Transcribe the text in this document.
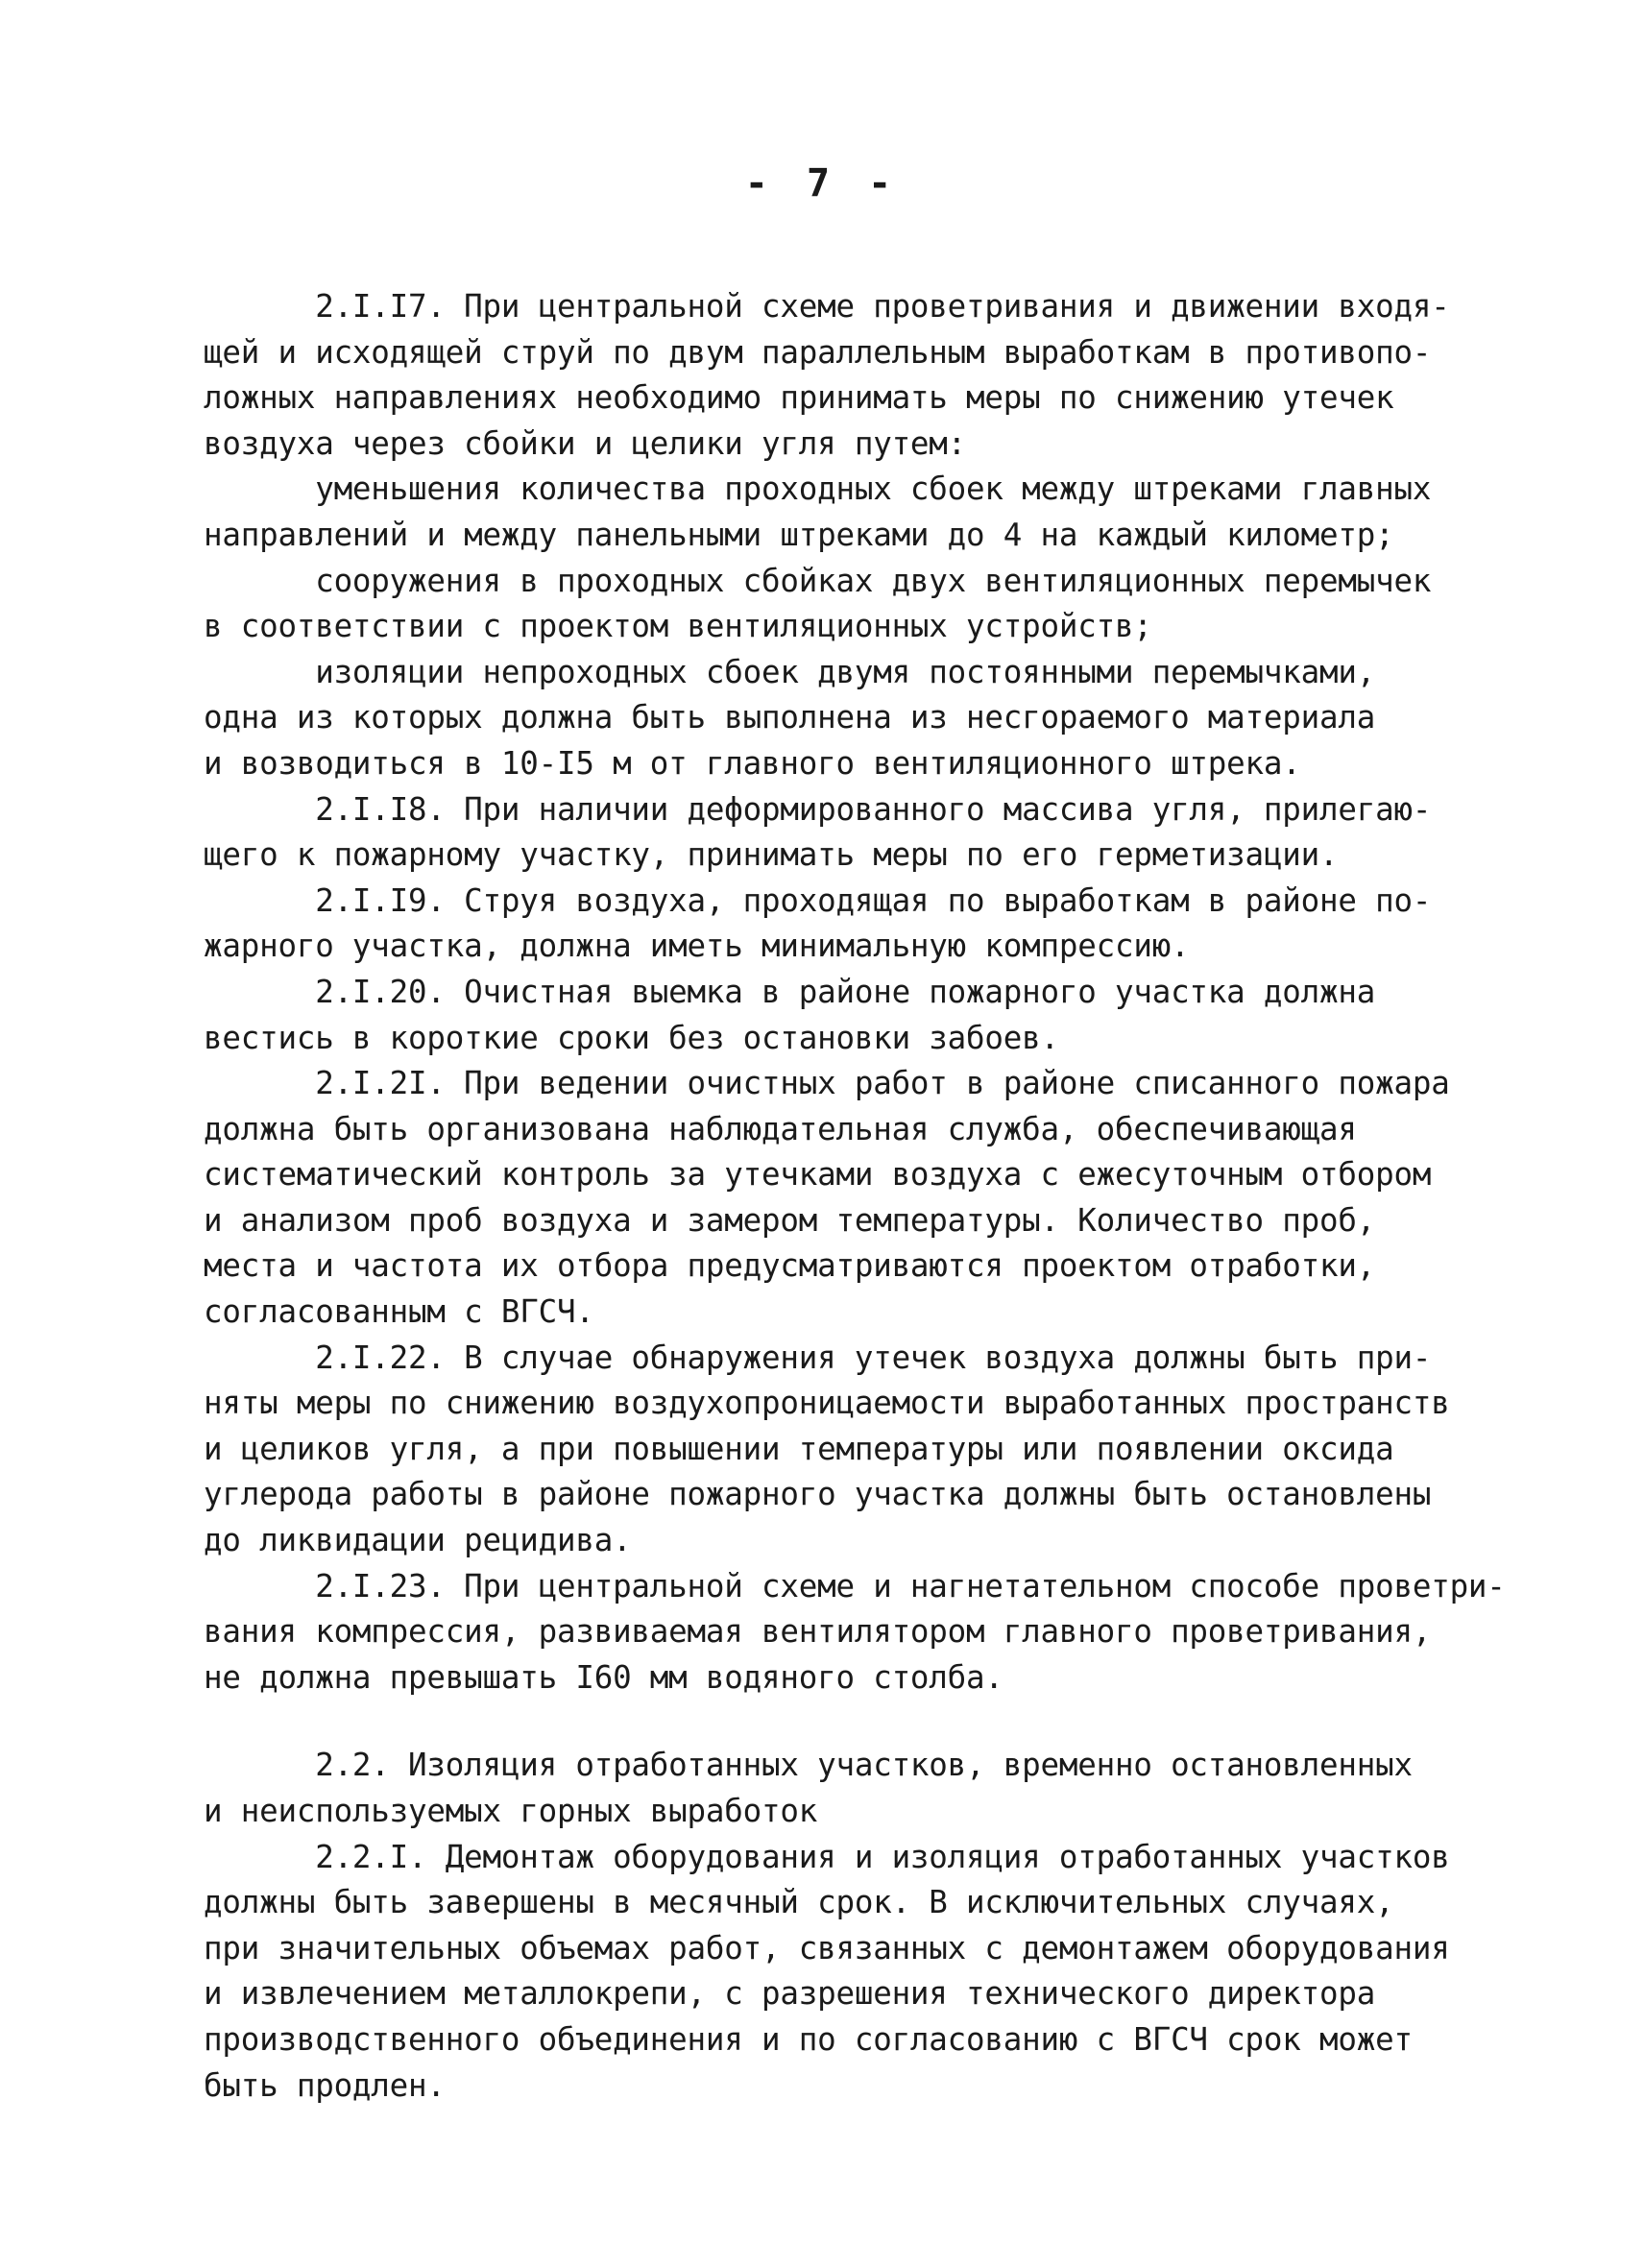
- 7 -
2.I.I7. При центральной схеме проветривания и движении входя-
щей и исходящей струй по двум параллельным выработкам в противопо-
ложных направлениях необходимо принимать меры по снижению утечек
воздуха через сбойки и целики угля путем:
уменьшения количества проходных сбоек между штреками главных
направлений и между панельными штреками до 4 на каждый километр;
сооружения в проходных сбойках двух вентиляционных перемычек
в соответствии с проектом вентиляционных устройств;
изоляции непроходных сбоек двумя постоянными перемычками,
одна из которых должна быть выполнена из несгораемого материала
и возводиться в 10-I5 м от главного вентиляционного штрека.
2.I.I8. При наличии деформированного массива угля, прилегаю-
щего к пожарному участку, принимать меры по его герметизации.
2.I.I9. Струя воздуха, проходящая по выработкам в районе по-
жарного участка, должна иметь минимальную компрессию.
2.I.20. Очистная выемка в районе пожарного участка должна
вестись в короткие сроки без остановки забоев.
2.I.2I. При ведении очистных работ в районе списанного пожара
должна быть организована наблюдательная служба, обеспечивающая
систематический контроль за утечками воздуха с ежесуточным отбором
и анализом проб воздуха и замером температуры. Количество проб,
места и частота их отбора предусматриваются проектом отработки,
согласованным с ВГСЧ.
2.I.22. В случае обнаружения утечек воздуха должны быть при-
няты меры по снижению воздухопроницаемости выработанных пространств
и целиков угля, а при повышении температуры или появлении оксида
углерода работы в районе пожарного участка должны быть остановлены
до ликвидации рецидива.
2.I.23. При центральной схеме и нагнетательном способе проветри-
вания компрессия, развиваемая вентилятором главного проветривания,
не должна превышать I60 мм водяного столба.
2.2. Изоляция отработанных участков, временно остановленных
и неиспользуемых горных выработок
2.2.I. Демонтаж оборудования и изоляция отработанных участков
должны быть завершены в месячный срок. В исключительных случаях,
при значительных объемах работ, связанных с демонтажем оборудования
и извлечением металлокрепи, с разрешения технического директора
производственного объединения и по согласованию с ВГСЧ срок может
быть продлен.
